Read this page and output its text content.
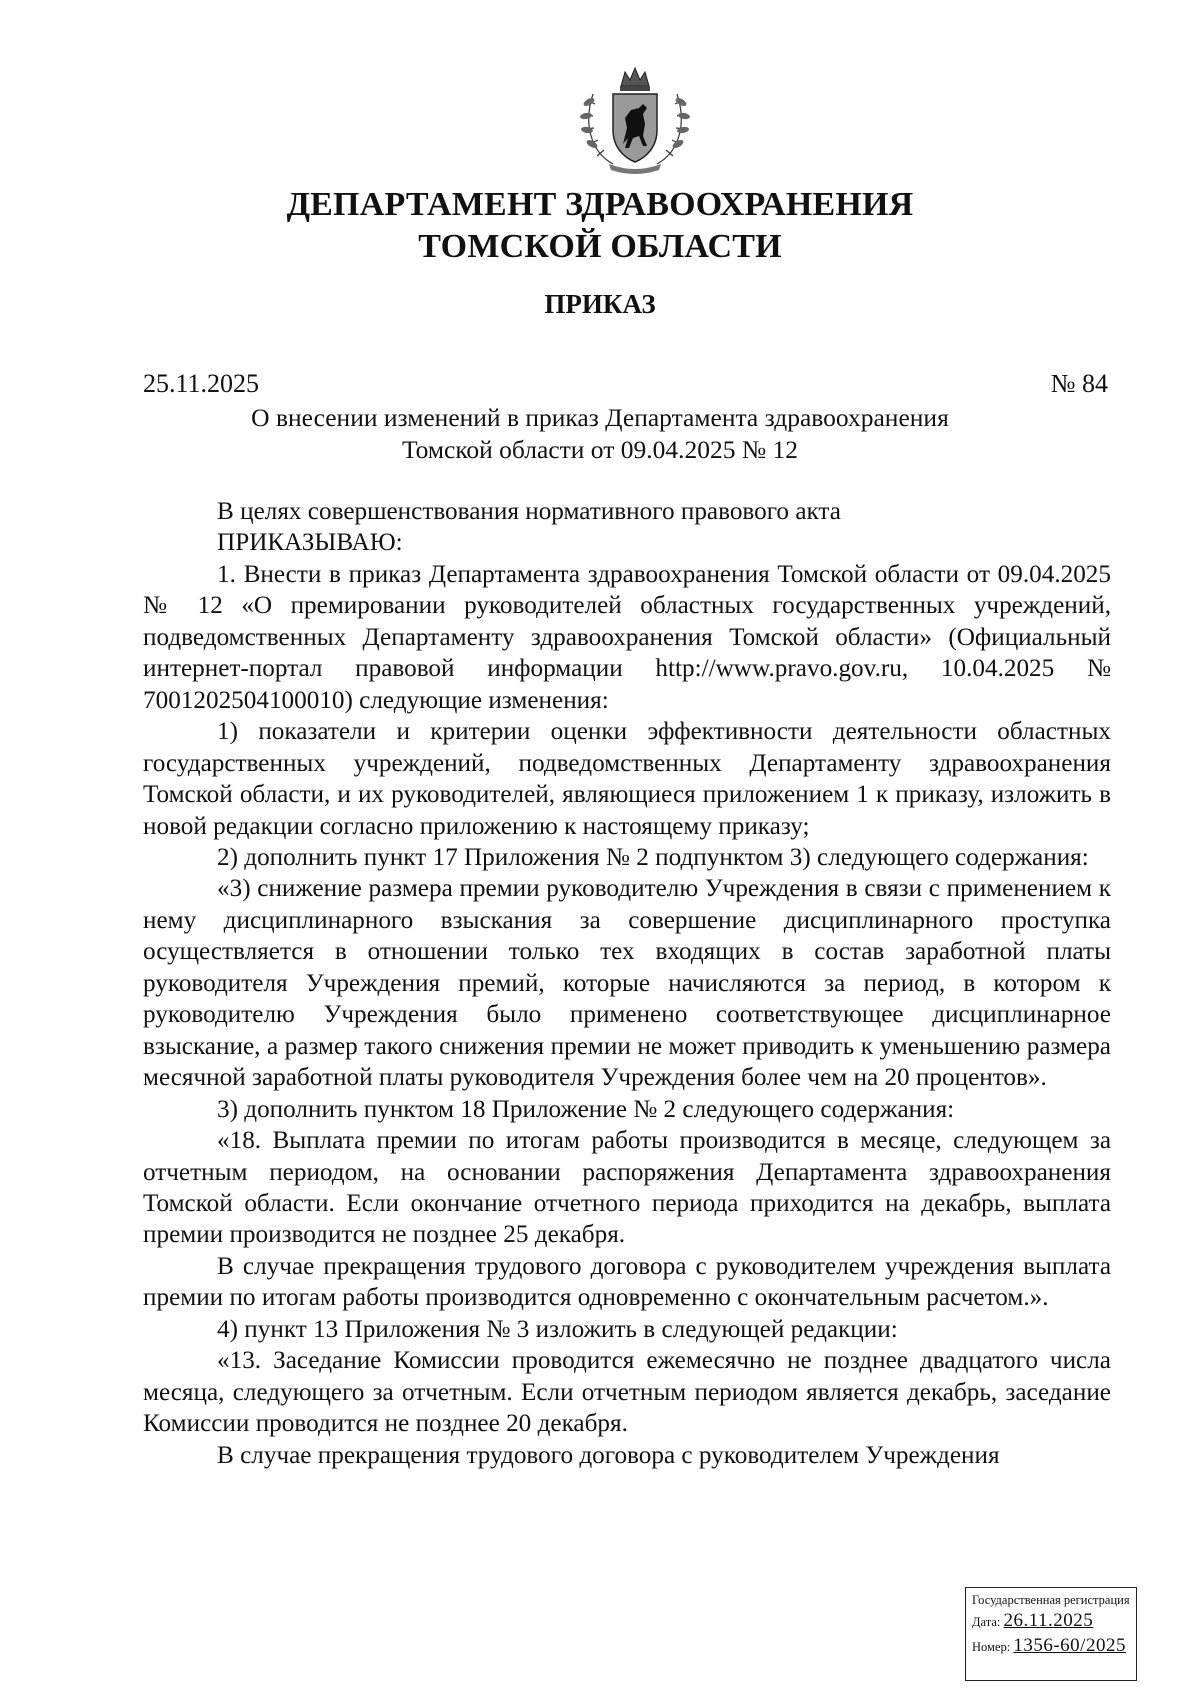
ДЕПАРТАМЕНТ ЗДРАВООХРАНЕНИЯ
ТОМСКОЙ ОБЛАСТИ
ПРИКАЗ
25.11.2025	№ 84
О внесении изменений в приказ Департамента здравоохранения
Томской области от 09.04.2025 № 12

В целях совершенствования нормативного правового акта

ПРИКАЗЫВАЮ:

1. Внести в приказ Департамента здравоохранения Томской области от 09.04.2025 № 12 «О премировании руководителей областных государственных учреждений, подведомственных Департаменту здравоохранения Томской области» (Официальный интернет-портал правовой информации http://www.pravo.gov.ru, 10.04.2025 № 7001202504100010) следующие изменения:

1) показатели и критерии оценки эффективности деятельности областных государственных учреждений, подведомственных Департаменту здравоохранения Томской области, и их руководителей, являющиеся приложением 1 к приказу, изложить в новой редакции согласно приложению к настоящему приказу;

2) дополнить пункт 17 Приложения № 2 подпунктом 3) следующего содержания:

«3) снижение размера премии руководителю Учреждения в связи с применением к нему дисциплинарного взыскания за совершение дисциплинарного проступка осуществляется в отношении только тех входящих в состав заработной платы руководителя Учреждения премий, которые начисляются за период, в котором к руководителю Учреждения было применено соответствующее дисциплинарное взыскание, а размер такого снижения премии не может приводить к уменьшению размера месячной заработной платы руководителя Учреждения более чем на 20 процентов».

3) дополнить пунктом 18 Приложение № 2 следующего содержания:

«18. Выплата премии по итогам работы производится в месяце, следующем за отчетным периодом, на основании распоряжения Департамента здравоохранения Томской области. Если окончание отчетного периода приходится на декабрь, выплата премии производится не позднее 25 декабря.

В случае прекращения трудового договора с руководителем учреждения выплата премии по итогам работы производится одновременно с окончательным расчетом.».

4) пункт 13 Приложения № 3 изложить в следующей редакции:

«13. Заседание Комиссии проводится ежемесячно не позднее двадцатого числа месяца, следующего за отчетным. Если отчетным периодом является декабрь, заседание Комиссии проводится не позднее 20 декабря.

В случае прекращения трудового договора с руководителем Учреждения

Государственная регистрация
Дата: 26.11.2025
Номер: 1356-60/2025
